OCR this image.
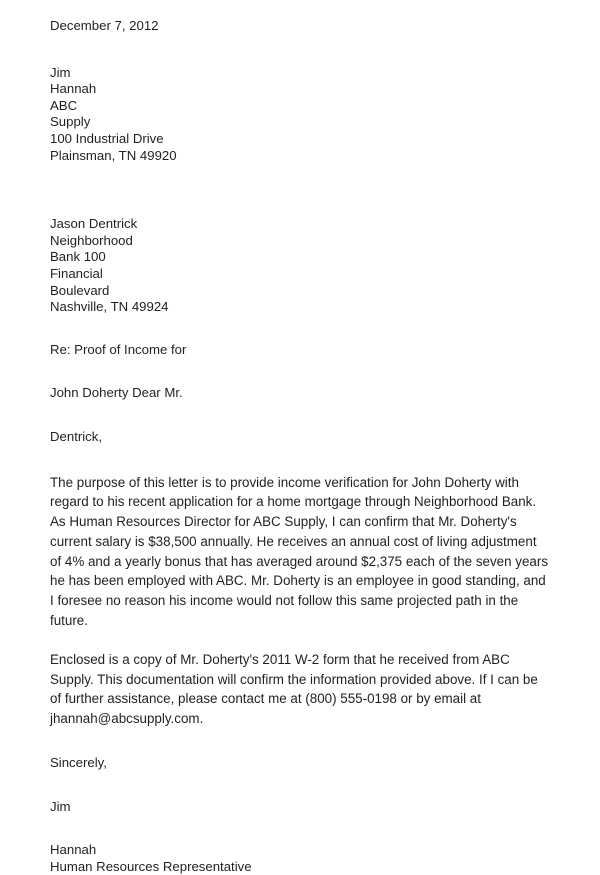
December 7, 2012
Jim
Hannah
ABC
Supply
100 Industrial Drive
Plainsman, TN 49920
Jason Dentrick
Neighborhood
Bank 100
Financial
Boulevard
Nashville, TN 49924
Re: Proof of Income for
John Doherty Dear Mr.
Dentrick,

The purpose of this letter is to provide income verification for John Doherty with regard to his recent application for a home mortgage through Neighborhood Bank. As Human Resources Director for ABC Supply, I can confirm that Mr. Doherty's current salary is $38,500 annually. He receives an annual cost of living adjustment of 4% and a yearly bonus that has averaged around $2,375 each of the seven years he has been employed with ABC. Mr. Doherty is an employee in good standing, and I foresee no reason his income would not follow this same projected path in the future.

Enclosed is a copy of Mr. Doherty's 2011 W-2 form that he received from ABC Supply. This documentation will confirm the information provided above. If I can be of further assistance, please contact me at (800) 555-0198 or by email at jhannah@abcsupply.com.

Sincerely,
Jim
Hannah
Human Resources Representative
